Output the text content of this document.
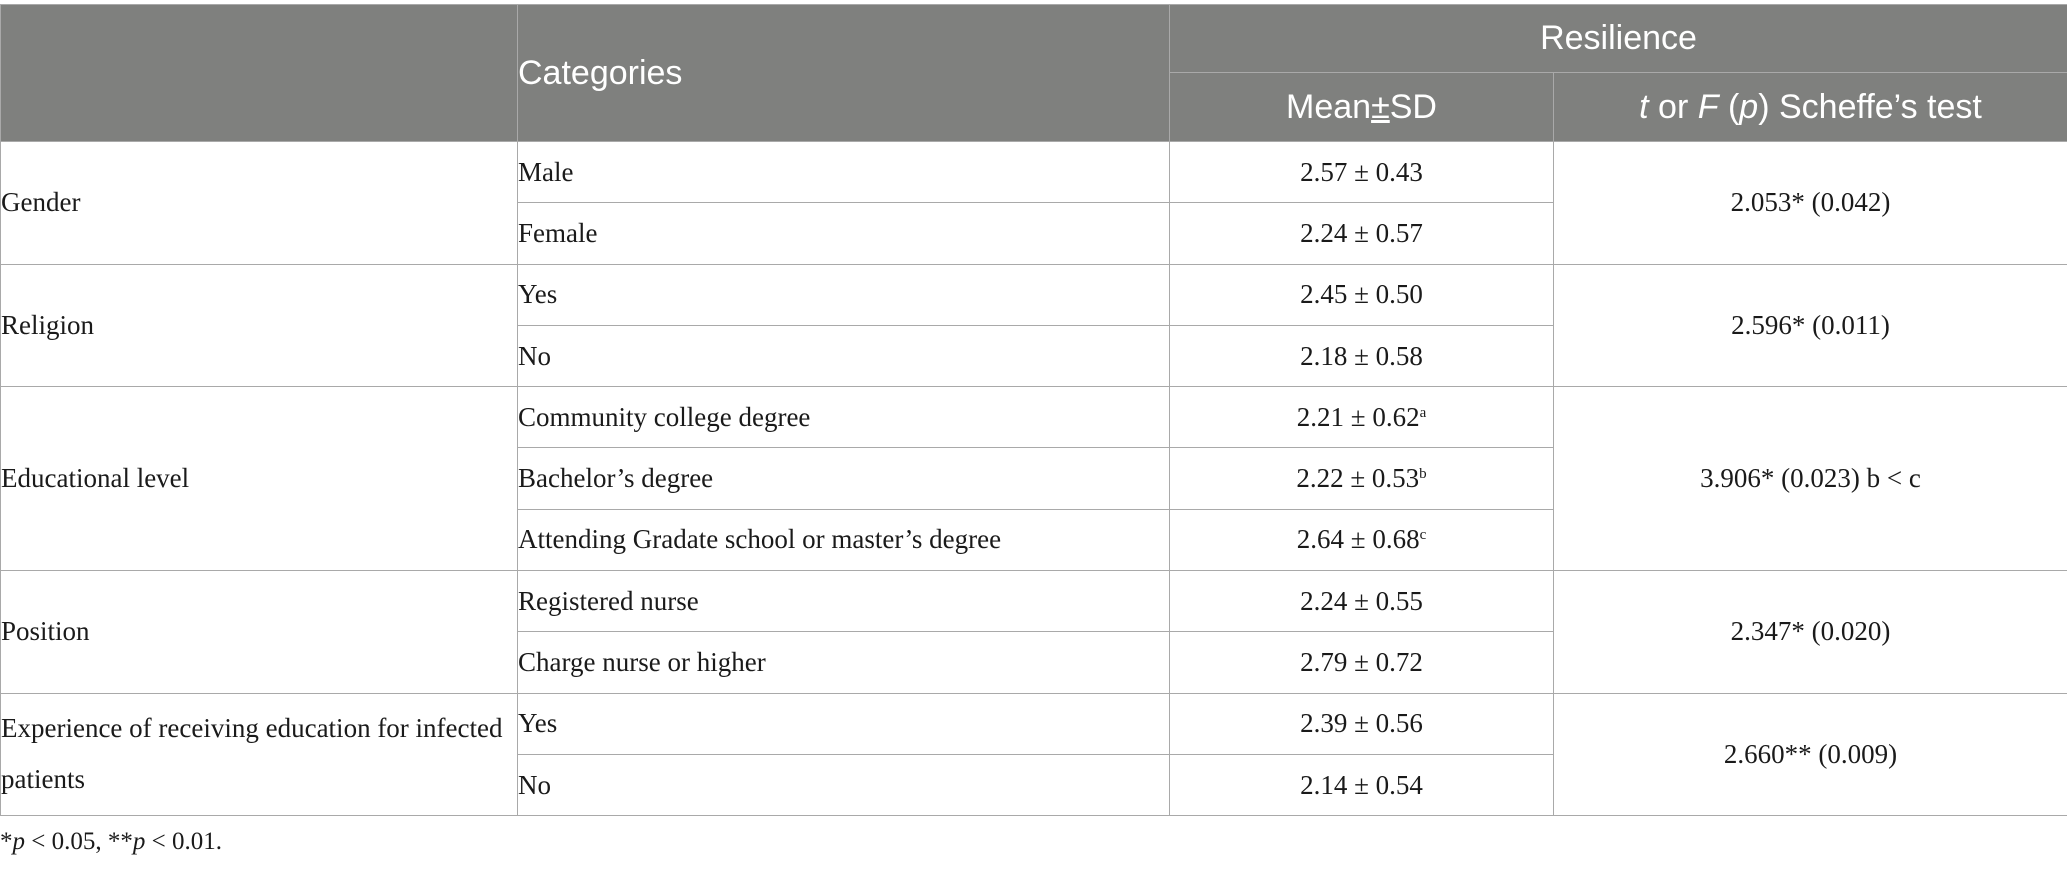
	Categories	Resilience	
		Mean±SD	t or F (p) Scheffe’s test
Gender	Male	2.57 ± 0.43	2.053* (0.042)
	Female	2.24 ± 0.57	
Religion	Yes	2.45 ± 0.50	2.596* (0.011)
	No	2.18 ± 0.58	
Educational level	Community college degree	2.21 ± 0.62$^a$	3.906* (0.023) b < c
	Bachelor’s degree	2.22 ± 0.53$^b$
	Attending Gradate school or master’s degree	2.64 ± 0.68$^c$
Position	Registered nurse	2.24 ± 0.55	2.347* (0.020)
	Charge nurse or higher	2.79 ± 0.72	
Experience of receiving education for infected patients	Yes	2.39 ± 0.56	2.660** (0.009)
	No	2.14 ± 0.54	
*p < 0.05, **p < 0.01.
